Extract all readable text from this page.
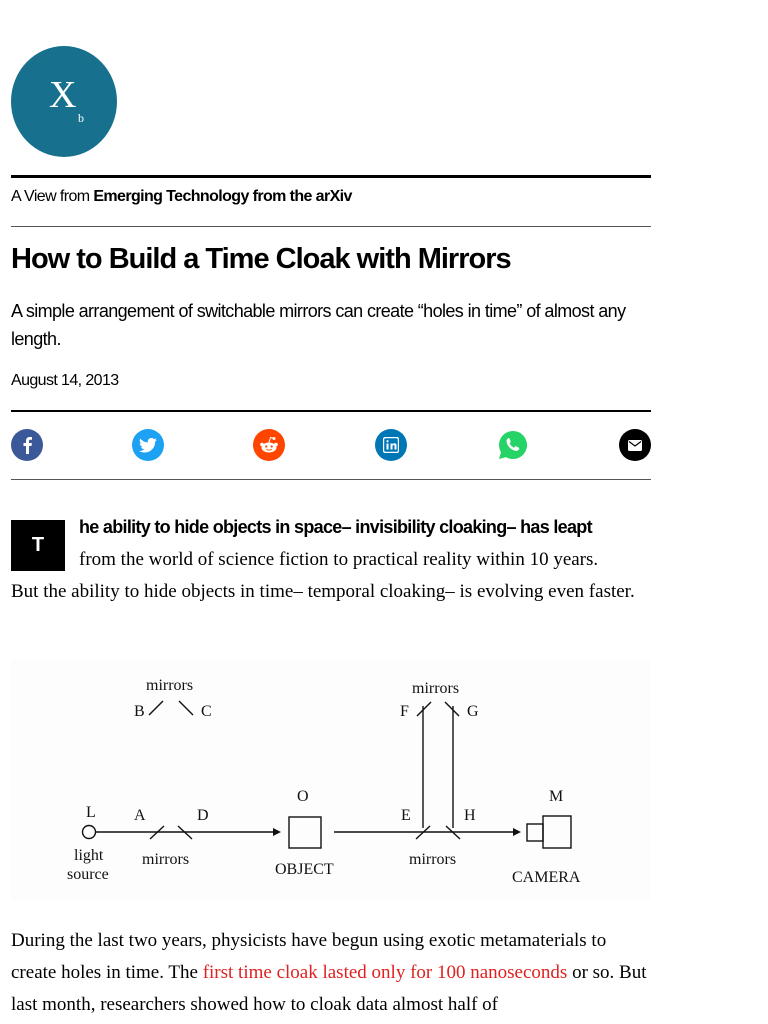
X
b
A View from Emerging Technology from the arXiv
How to Build a Time Cloak with Mirrors
A simple arrangement of switchable mirrors can create “holes in time” of almost any length.
August 14, 2013
T
he ability to hide objects in space– invisibility cloaking– has leapt
from the world of science fiction to practical reality within 10 years.
But the ability to hide objects in time– temporal cloaking– is evolving even faster.
mirrors
B	C
mirrors
F	G
L A	D
O
E	H
M
light
source
mirrors
OBJECT
mirrors
CAMERA
During the last two years, physicists have begun using exotic metamaterials to create holes in time. The first time cloak lasted only for 100 nanoseconds or so. But last month, researchers showed how to cloak data almost half of
